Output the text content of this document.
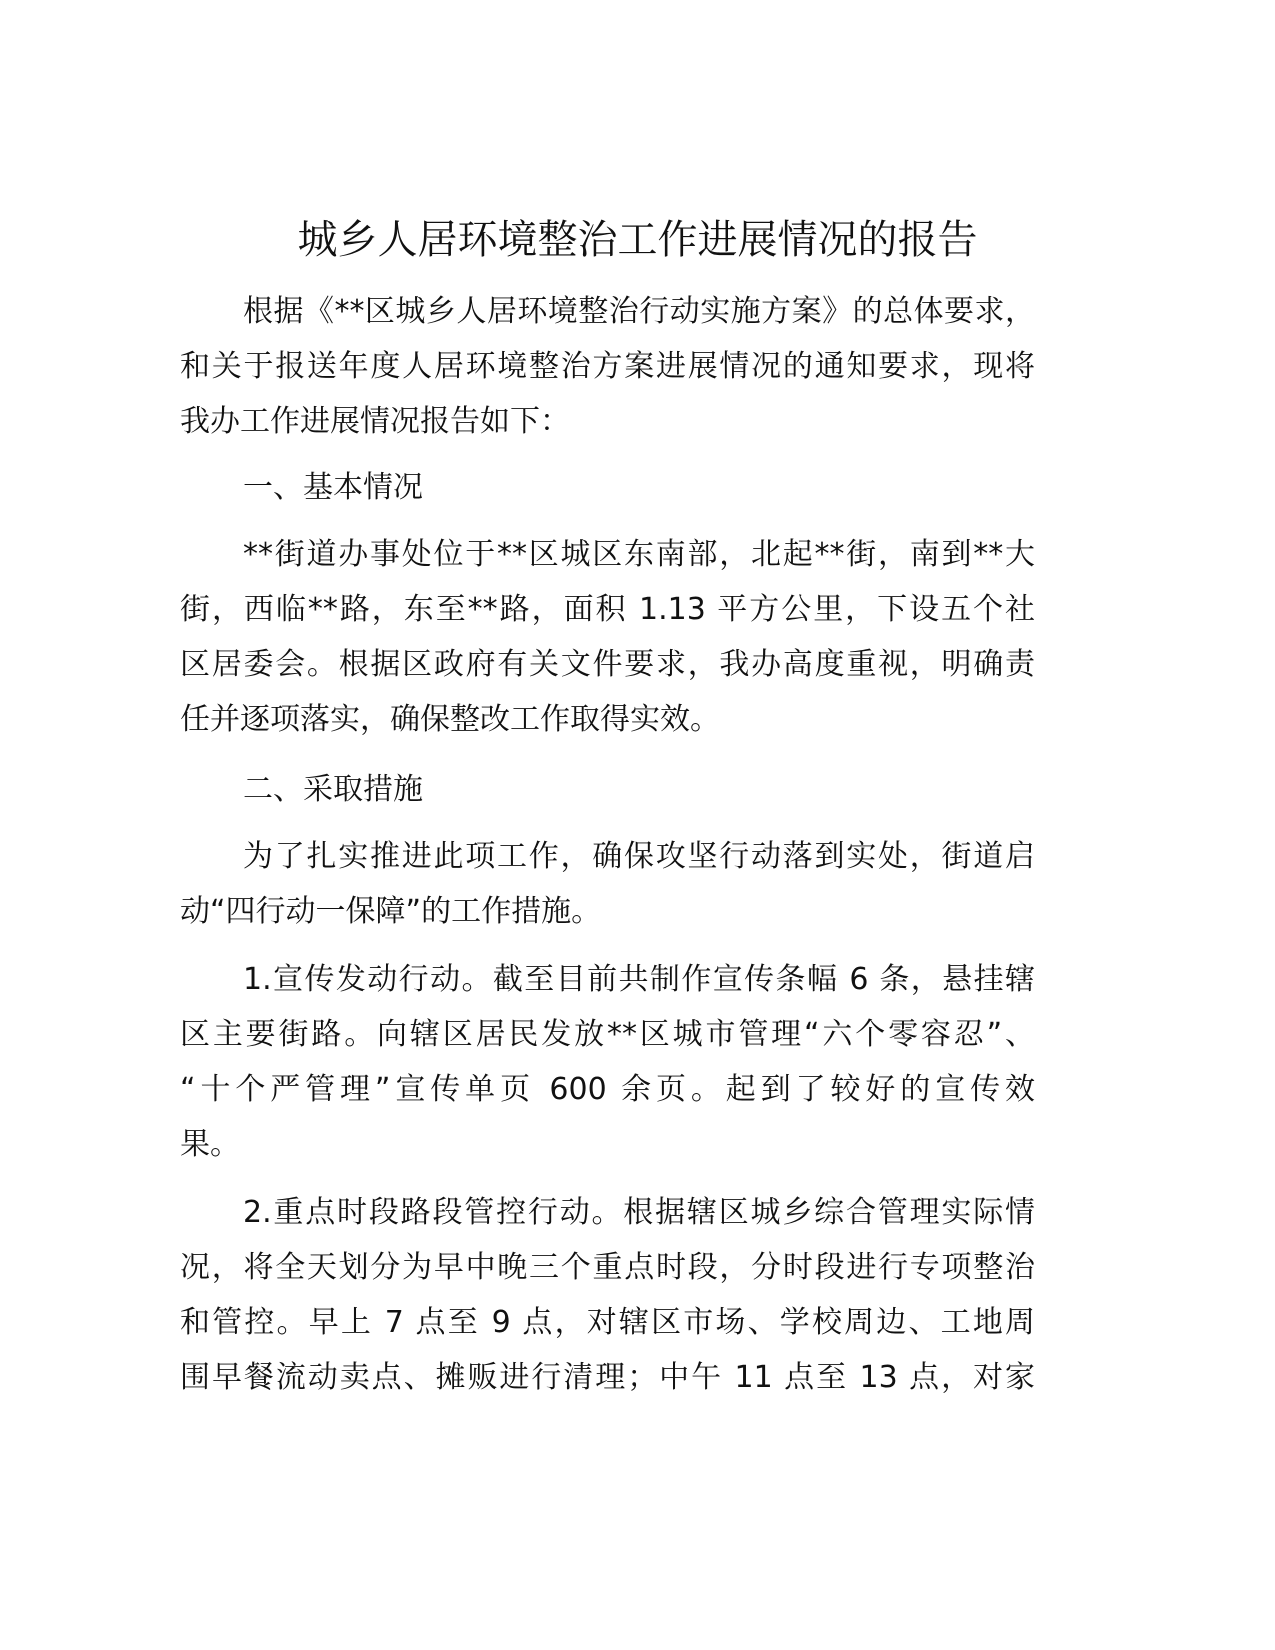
城乡人居环境整治工作进展情况的报告
根据《**区城乡人居环境整治行动实施方案》的总体要求，
和关于报送年度人居环境整治方案进展情况的通知要求，现将
我办工作进展情况报告如下：
一、基本情况
**街道办事处位于**区城区东南部，北起**街，南到**大
街，西临**路，东至**路，面积 1.13 平方公里，下设五个社
区居委会。根据区政府有关文件要求，我办高度重视，明确责
任并逐项落实，确保整改工作取得实效。
二、采取措施
为了扎实推进此项工作，确保攻坚行动落到实处，街道启
动“四行动一保障”的工作措施。
1.宣传发动行动。截至目前共制作宣传条幅 6 条，悬挂辖
区主要街路。向辖区居民发放**区城市管理“六个零容忍”、
“十个严管理”宣传单页 600 余页。起到了较好的宣传效
果。
2.重点时段路段管控行动。根据辖区城乡综合管理实际情
况，将全天划分为早中晚三个重点时段，分时段进行专项整治
和管控。早上 7 点至 9 点，对辖区市场、学校周边、工地周
围早餐流动卖点、摊贩进行清理；中午 11 点至 13 点，对家
